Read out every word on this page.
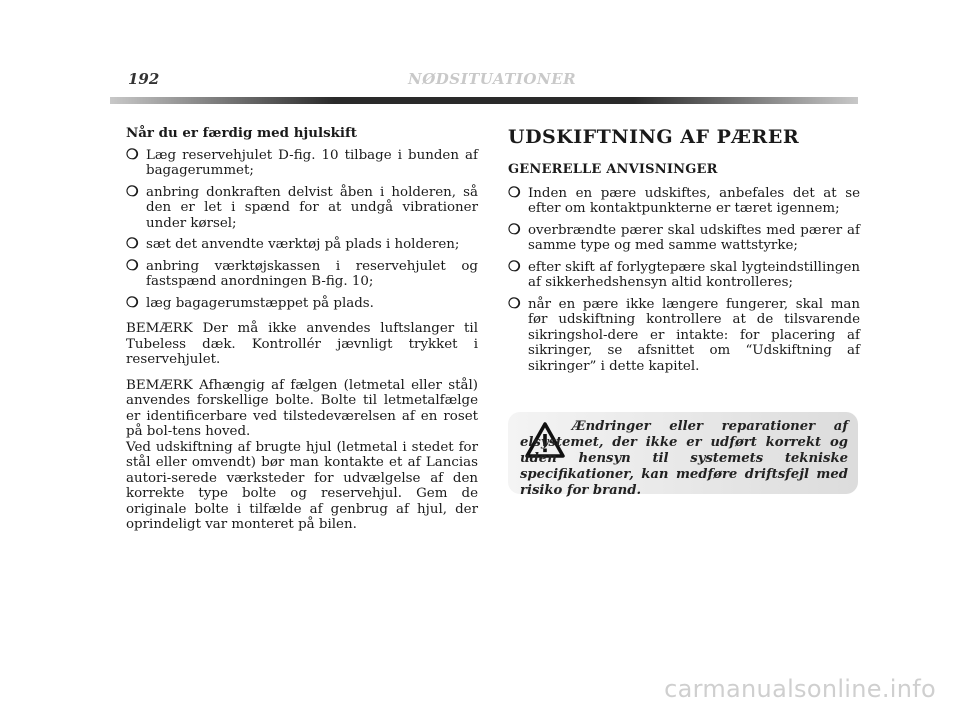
192	NØDSITUATIONER
Når du er færdig med hjulskift
❍ Læg reservehjulet D-fig. 10 tilbage i bunden af bagagerummet;
❍ anbring donkraften delvist åben i holderen, så den er let i spænd for at undgå vibrationer under kørsel;
❍ sæt det anvendte værktøj på plads i holderen;
❍ anbring værktøjskassen i reservehjulet og fastspænd anordningen B-fig. 10;
❍ læg bagagerumstæppet på plads.

BEMÆRK Der må ikke anvendes luftslanger til Tubeless dæk. Kontrollér jævnligt trykket i reservehjulet.

BEMÆRK Afhængig af fælgen (letmetal eller stål) anvendes forskellige bolte. Bolte til letmetalfælge er identificerbare ved tilstedeværelsen af en roset på bol-tens hoved.

Ved udskiftning af brugte hjul (letmetal i stedet for stål eller omvendt) bør man kontakte et af Lancias autori-serede værksteder for udvælgelse af den korrekte type bolte og reservehjul. Gem de originale bolte i tilfælde af genbrug af hjul, der oprindeligt var monteret på bilen.

UDSKIFTNING AF PÆRER
GENERELLE ANVISNINGER
❍ Inden en pære udskiftes, anbefales det at se efter om kontaktpunkterne er tæret igennem;
❍ overbrændte pærer skal udskiftes med pærer af samme type og med samme wattstyrke;
❍ efter skift af forlygtepære skal lygteindstillingen af sikkerhedshensyn altid kontrolleres;
❍ når en pære ikke længere fungerer, skal man før udskiftning kontrollere at de tilsvarende sikringshol-dere er intakte: for placering af sikringer, se afsnittet om “Udskiftning af sikringer” i dette kapitel.
Ændringer eller reparationer af elsystemet, der ikke er udført korrekt og uden hensyn til systemets tekniske specifikationer, kan medføre driftsfejl med risiko for brand.
carmanualsonline.info
